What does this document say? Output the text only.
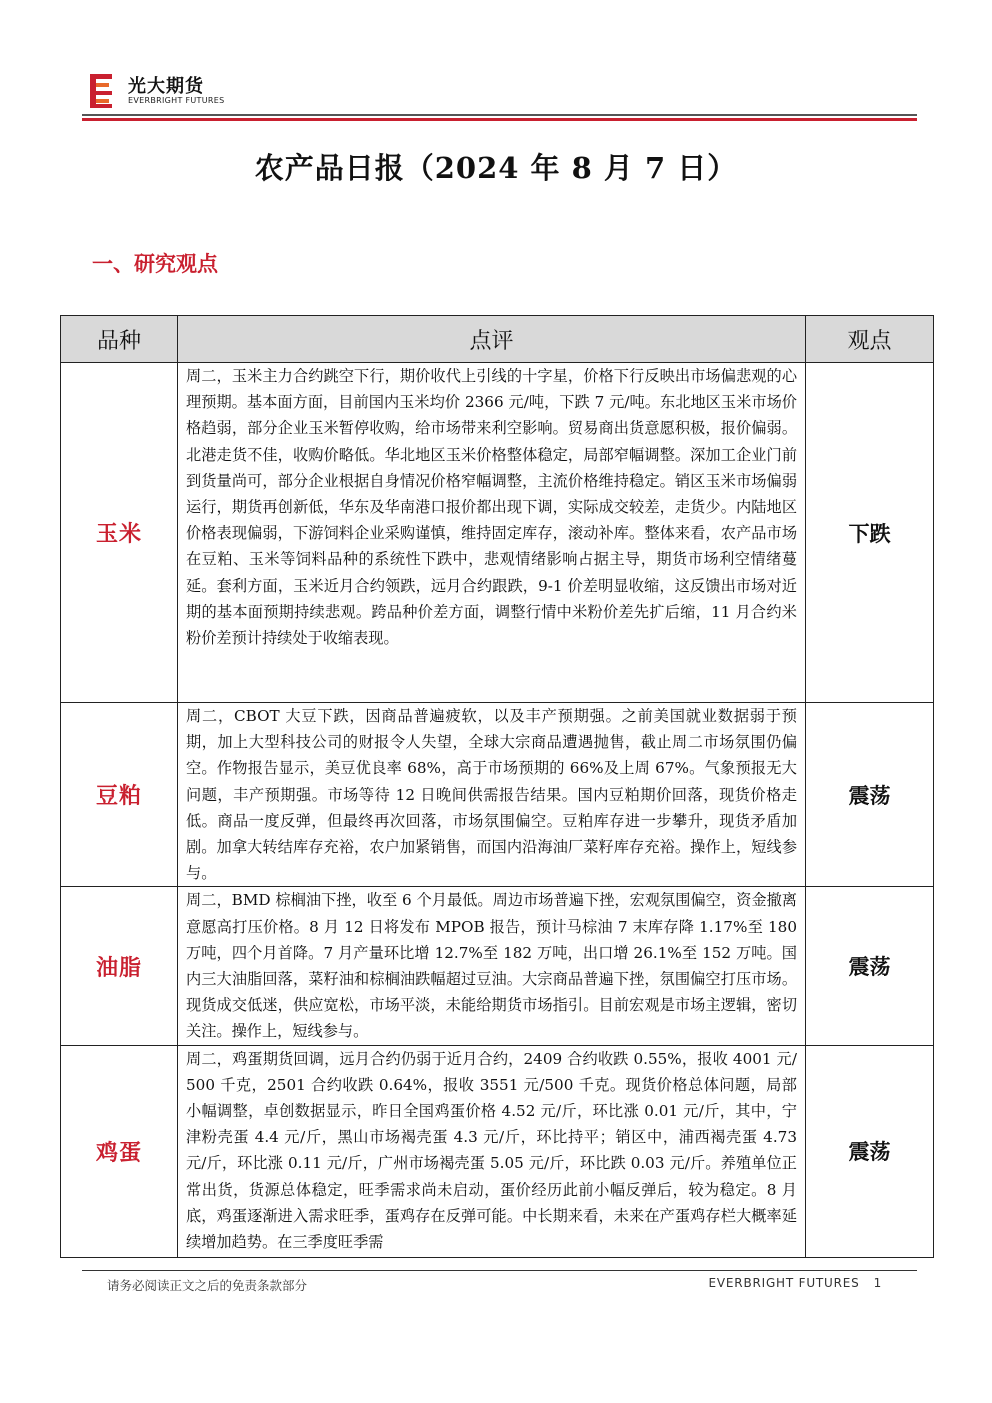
光大期货
EVERBRIGHT FUTURES
农产品日报（2024 年 8 月 7 日）
一、研究观点
品种	点评	观点
玉米	周二，玉米主力合约跳空下行，期价收代上引线的十字星，价格下行反映出市场偏悲观的心理预期。基本面方面，目前国内玉米均价 2366 元/吨，下跌 7 元/吨。东北地区玉米市场价格趋弱，部分企业玉米暂停收购，给市场带来利空影响。贸易商出货意愿积极，报价偏弱。北港走货不佳，收购价略低。华北地区玉米价格整体稳定，局部窄幅调整。深加工企业门前到货量尚可，部分企业根据自身情况价格窄幅调整，主流价格维持稳定。销区玉米市场偏弱运行，期货再创新低，华东及华南港口报价都出现下调，实际成交较差，走货少。内陆地区价格表现偏弱，下游饲料企业采购谨慎，维持固定库存，滚动补库。整体来看，农产品市场在豆粕、玉米等饲料品种的系统性下跌中，悲观情绪影响占据主导，期货市场利空情绪蔓延。套利方面，玉米近月合约领跌，远月合约跟跌，9-1 价差明显收缩，这反馈出市场对近期的基本面预期持续悲观。跨品种价差方面，调整行情中米粉价差先扩后缩，11 月合约米粉价差预计持续处于收缩表现。	下跌
豆粕	周二，CBOT 大豆下跌，因商品普遍疲软，以及丰产预期强。之前美国就业数据弱于预期，加上大型科技公司的财报令人失望，全球大宗商品遭遇抛售，截止周二市场氛围仍偏空。作物报告显示，美豆优良率 68%，高于市场预期的 66%及上周 67%。气象预报无大问题，丰产预期强。市场等待 12 日晚间供需报告结果。国内豆粕期价回落，现货价格走低。商品一度反弹，但最终再次回落，市场氛围偏空。豆粕库存进一步攀升，现货矛盾加剧。加拿大转结库存充裕，农户加紧销售，而国内沿海油厂菜籽库存充裕。操作上，短线参与。	震荡
油脂	周二，BMD 棕榈油下挫，收至 6 个月最低。周边市场普遍下挫，宏观氛围偏空，资金撤离意愿高打压价格。8 月 12 日将发布 MPOB 报告，预计马棕油 7 末库存降 1.17%至 180 万吨，四个月首降。7 月产量环比增 12.7%至 182 万吨，出口增 26.1%至 152 万吨。国内三大油脂回落，菜籽油和棕榈油跌幅超过豆油。大宗商品普遍下挫，氛围偏空打压市场。现货成交低迷，供应宽松，市场平淡，未能给期货市场指引。目前宏观是市场主逻辑，密切关注。操作上，短线参与。	震荡
鸡蛋	周二，鸡蛋期货回调，远月合约仍弱于近月合约，2409 合约收跌 0.55%，报收 4001 元/500 千克，2501 合约收跌 0.64%，报收 3551 元/500 千克。现货价格总体问题，局部小幅调整，卓创数据显示，昨日全国鸡蛋价格 4.52 元/斤，环比涨 0.01 元/斤，其中，宁津粉壳蛋 4.4 元/斤，黑山市场褐壳蛋 4.3 元/斤，环比持平；销区中，浦西褐壳蛋 4.73 元/斤，环比涨 0.11 元/斤，广州市场褐壳蛋 5.05 元/斤，环比跌 0.03 元/斤。养殖单位正常出货，货源总体稳定，旺季需求尚未启动，蛋价经历此前小幅反弹后，较为稳定。8 月底，鸡蛋逐渐进入需求旺季，蛋鸡存在反弹可能。中长期来看，未来在产蛋鸡存栏大概率延续增加趋势。在三季度旺季需	震荡
请务必阅读正文之后的免责条款部分	EVERBRIGHT FUTURES 1
